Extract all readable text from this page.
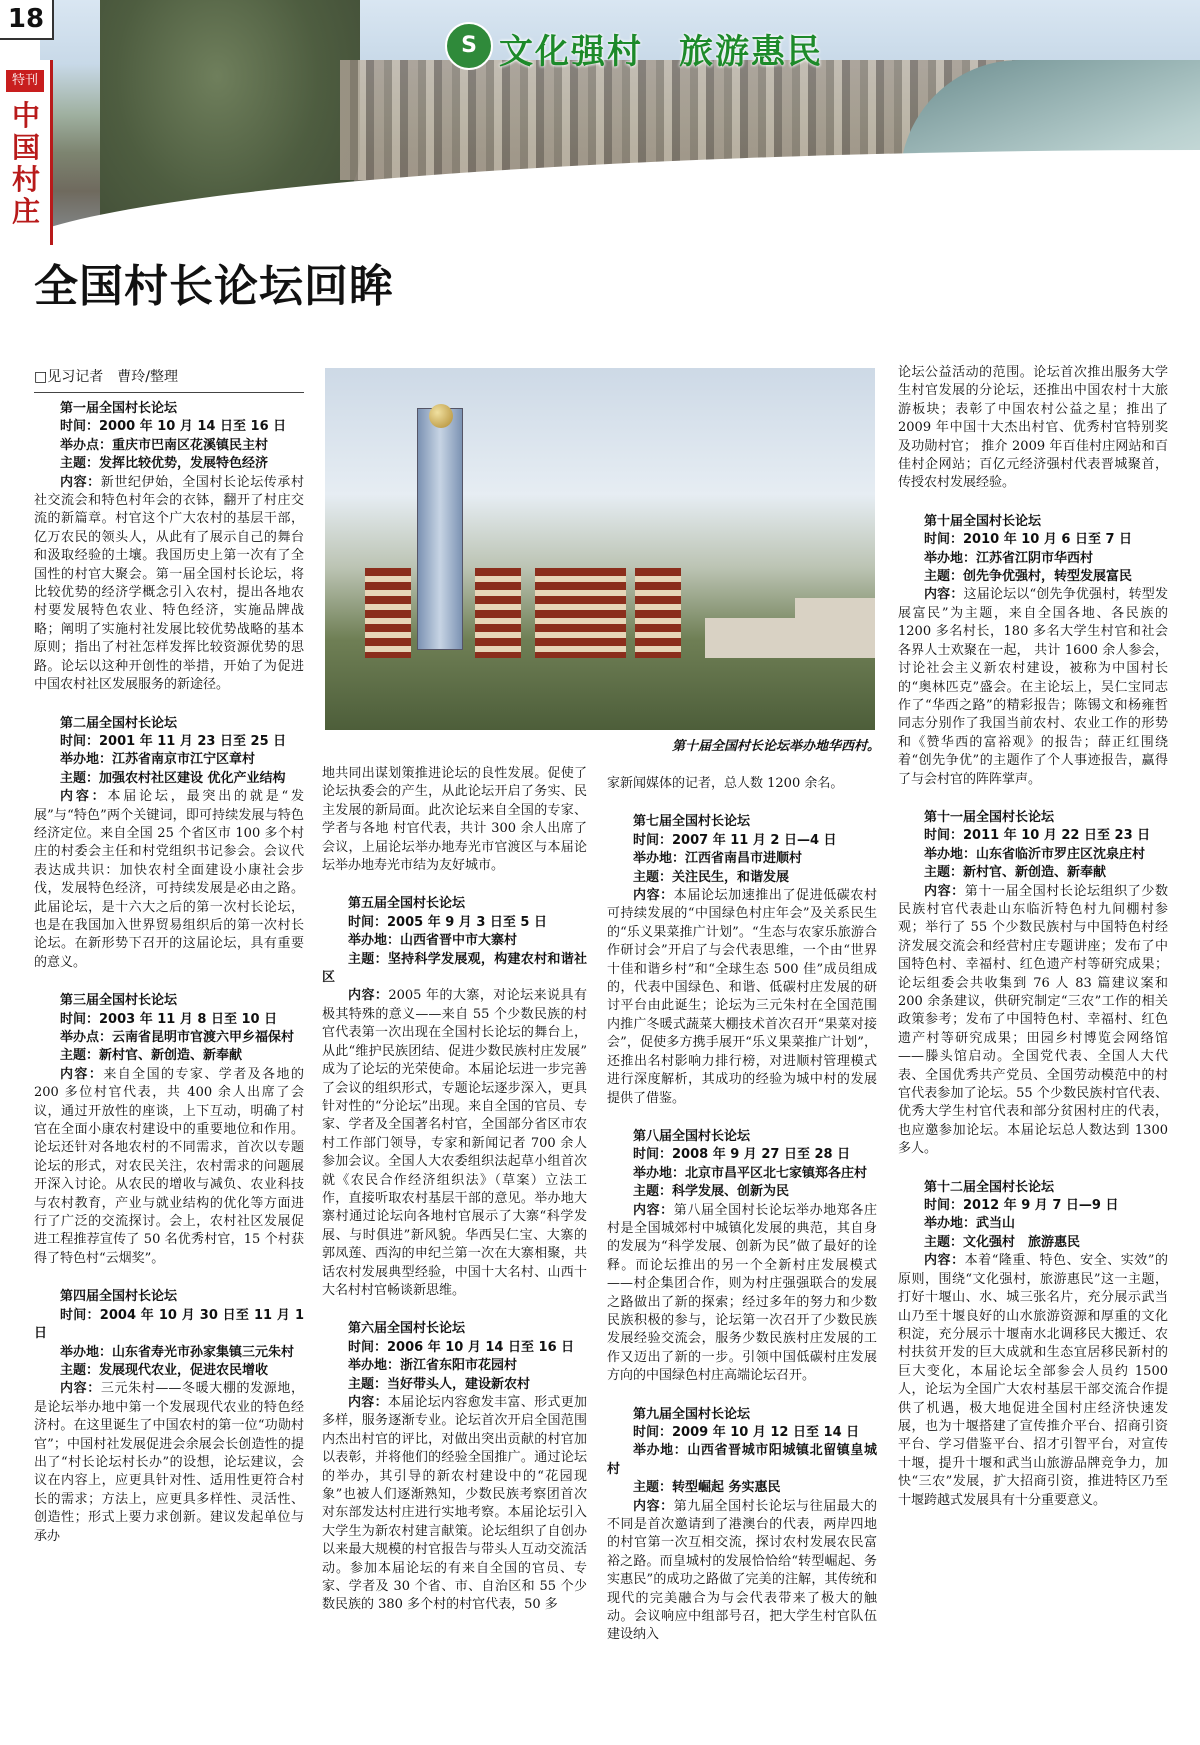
18
特刊
中
国
村
庄
S 文化强村　旅游惠民
全国村长论坛回眸
□见习记者　曹玲/整理
第十届全国村长论坛举办地华西村。
第一届全国村长论坛
时间：2000 年 10 月 14 日至 16 日
举办点：重庆市巴南区花溪镇民主村
主题：发挥比较优势，发展特色经济
内容：新世纪伊始，全国村长论坛传承村社交流会和特色村年会的衣钵，翻开了村庄交流的新篇章。村官这个广大农村的基层干部，亿万农民的领头人，从此有了展示自己的舞台和汲取经验的土壤。我国历史上第一次有了全国性的村官大聚会。第一届全国村长论坛，将比较优势的经济学概念引入农村，提出各地农村要发展特色农业、特色经济，实施品牌战略；阐明了实施村社发展比较优势战略的基本原则；指出了村社怎样发挥比较资源优势的思路。论坛以这种开创性的举措，开始了为促进中国农村社区发展服务的新途径。
第二届全国村长论坛
时间：2001 年 11 月 23 日至 25 日
举办地：江苏省南京市江宁区章村
主题：加强农村社区建设 优化产业结构
内容：本届论坛，最突出的就是“发展”与“特色”两个关键词，即可持续发展与特色经济定位。来自全国 25 个省区市 100 多个村庄的村委会主任和村党组织书记参会。会议代表达成共识：加快农村全面建设小康社会步伐，发展特色经济，可持续发展是必由之路。此届论坛，是十六大之后的第一次村长论坛，也是在我国加入世界贸易组织后的第一次村长论坛。在新形势下召开的这届论坛，具有重要的意义。
第三届全国村长论坛
时间：2003 年 11 月 8 日至 10 日
举办点：云南省昆明市官渡六甲乡福保村
主题：新村官、新创造、新奉献
内容：来自全国的专家、学者及各地的 200 多位村官代表，共 400 余人出席了会议，通过开放性的座谈，上下互动，明确了村官在全面小康农村建设中的重要地位和作用。论坛还针对各地农村的不同需求，首次以专题论坛的形式，对农民关注，农村需求的问题展开深入讨论。从农民的增收与减负、农业科技与农村教育，产业与就业结构的优化等方面进行了广泛的交流探讨。会上，农村社区发展促进工程推荐宣传了 50 名优秀村官，15 个村获得了特色村“云烟奖”。
第四届全国村长论坛
时间：2004 年 10 月 30 日至 11 月 1 日
举办地：山东省寿光市孙家集镇三元朱村
主题：发展现代农业，促进农民增收
内容：三元朱村——冬暖大棚的发源地，是论坛举办地中第一个发展现代农业的特色经济村。在这里诞生了中国农村的第一位“功勋村官”；中国村社发展促进会余展会长创造性的提出了“村长论坛村长办”的设想，论坛建议，会议在内容上，应更具针对性、适用性更符合村长的需求；方法上，应更具多样性、灵活性、创造性；形式上要力求创新。建议发起单位与承办
地共同出谋划策推进论坛的良性发展。促使了论坛执委会的产生，从此论坛开启了务实、民主发展的新局面。此次论坛来自全国的专家、学者与各地 村官代表，共计 300 余人出席了会议，上届论坛举办地寿光市官渡区与本届论坛举办地寿光市结为友好城市。
第五届全国村长论坛
时间：2005 年 9 月 3 日至 5 日
举办地：山西省晋中市大寨村
主题：坚持科学发展观，构建农村和谐社区
内容：2005 年的大寨，对论坛来说具有极其特殊的意义——来自 55 个少数民族的村官代表第一次出现在全国村长论坛的舞台上，从此“维护民族团结、促进少数民族村庄发展” 成为了论坛的光荣使命。本届论坛进一步完善了会议的组织形式，专题论坛逐步深入，更具针对性的“分论坛”出现。来自全国的官员、专家、学者及全国著名村官，全国部分省区市农村工作部门领导，专家和新闻记者 700 余人参加会议。全国人大农委组织法起草小组首次就《农民合作经济组织法》（草案）立法工作，直接听取农村基层干部的意见。举办地大寨村通过论坛向各地村官展示了大寨“科学发展、与时俱进”新风貌。华西吴仁宝、大寨的郭凤莲、西沟的申纪兰第一次在大寨相聚，共话农村发展典型经验，中国十大名村、山西十大名村村官畅谈新思维。
第六届全国村长论坛
时间：2006 年 10 月 14 日至 16 日
举办地：浙江省东阳市花园村
主题：当好带头人，建设新农村
内容：本届论坛内容愈发丰富、形式更加多样，服务逐渐专业。论坛首次开启全国范围内杰出村官的评比，对做出突出贡献的村官加以表彰，并将他们的经验全国推广。通过论坛的举办，其引导的新农村建设中的“花园现象”也被人们逐渐熟知，少数民族考察团首次对东部发达村庄进行实地考察。本届论坛引入大学生为新农村建言献策。论坛组织了自创办以来最大规模的村官报告与带头人互动交流活动。参加本届论坛的有来自全国的官员、专家、学者及 30 个省、市、自治区和 55 个少数民族的 380 多个村的村官代表，50 多
家新闻媒体的记者，总人数 1200 余名。
第七届全国村长论坛
时间：2007 年 11 月 2 日—4 日
举办地：江西省南昌市进顺村
主题：关注民生，和谐发展
内容：本届论坛加速推出了促进低碳农村可持续发展的“中国绿色村庄年会”及关系民生的“乐义果菜推广计划”。“生态与农家乐旅游合作研讨会”开启了与会代表思维，一个由“世界十佳和谐乡村”和“全球生态 500 佳”成员组成的，代表中国绿色、和谐、低碳村庄发展的研讨平台由此诞生；论坛为三元朱村在全国范围内推广冬暖式蔬菜大棚技术首次召开“果菜对接会”，促使多方携手展开“乐义果菜推广计划”，还推出名村影响力排行榜，对进顺村管理模式进行深度解析，其成功的经验为城中村的发展提供了借鉴。
第八届全国村长论坛
时间：2008 年 9 月 27 日至 28 日
举办地：北京市昌平区北七家镇郑各庄村
主题：科学发展、创新为民
内容：第八届全国村长论坛举办地郑各庄村是全国城郊村中城镇化发展的典范，其自身的发展为“科学发展、创新为民”做了最好的诠释。而论坛推出的另一个全新村庄发展模式——村企集团合作，则为村庄强强联合的发展之路做出了新的探索；经过多年的努力和少数民族积极的参与，论坛第一次召开了少数民族发展经验交流会，服务少数民族村庄发展的工作又迈出了新的一步。引领中国低碳村庄发展方向的中国绿色村庄高端论坛召开。
第九届全国村长论坛
时间：2009 年 10 月 12 日至 14 日
举办地：山西省晋城市阳城镇北留镇皇城村
主题：转型崛起 务实惠民
内容：第九届全国村长论坛与往届最大的不同是首次邀请到了港澳台的代表，两岸四地的村官第一次互相交流，探讨农村发展农民富裕之路。而皇城村的发展恰恰给“转型崛起、务实惠民”的成功之路做了完美的注解，其传统和现代的完美融合为与会代表带来了极大的触动。会议响应中组部号召，把大学生村官队伍建设纳入
论坛公益活动的范围。论坛首次推出服务大学生村官发展的分论坛，还推出中国农村十大旅游板块；表彰了中国农村公益之星；推出了 2009 年中国十大杰出村官、优秀村官特别奖及功勋村官； 推介 2009 年百佳村庄网站和百佳村企网站；百亿元经济强村代表晋城聚首，传授农村发展经验。
第十届全国村长论坛
时间：2010 年 10 月 6 日至 7 日
举办地：江苏省江阴市华西村
主题：创先争优强村，转型发展富民
内容：这届论坛以“创先争优强村，转型发展富民”为主题，来自全国各地、各民族的 1200 多名村长，180 多名大学生村官和社会各界人士欢聚在一起， 共计 1600 余人参会， 讨论社会主义新农村建设，被称为中国村长的“奥林匹克”盛会。在主论坛上，吴仁宝同志作了“华西之路”的精彩报告；陈锡文和杨雍哲同志分别作了我国当前农村、农业工作的形势和《赞华西的富裕观》的报告；薛正红围绕着“创先争优”的主题作了个人事迹报告，赢得了与会村官的阵阵掌声。
第十一届全国村长论坛
时间：2011 年 10 月 22 日至 23 日
举办地：山东省临沂市罗庄区沈泉庄村
主题：新村官、新创造、新奉献
内容：第十一届全国村长论坛组织了少数民族村官代表赴山东临沂特色村九间棚村参观；举行了 55 个少数民族村与中国特色村经济发展交流会和经营村庄专题讲座；发布了中国特色村、幸福村、红色遗产村等研究成果；论坛组委会共收集到 76 人 83 篇建议案和 200 余条建议，供研究制定“三农”工作的相关政策参考；发布了中国特色村、幸福村、红色遗产村等研究成果；田园乡村博览会网络馆——滕头馆启动。全国党代表、全国人大代表、全国优秀共产党员、全国劳动模范中的村官代表参加了论坛。55 个少数民族村官代表、优秀大学生村官代表和部分贫困村庄的代表，也应邀参加论坛。本届论坛总人数达到 1300 多人。
第十二届全国村长论坛
时间：2012 年 9 月 7 日—9 日
举办地：武当山
主题：文化强村　旅游惠民
内容：本着“隆重、特色、安全、实效”的原则，围绕“文化强村，旅游惠民”这一主题，打好十堰山、水、城三张名片，充分展示武当山乃至十堰良好的山水旅游资源和厚重的文化积淀，充分展示十堰南水北调移民大搬迁、农村扶贫开发的巨大成就和生态宜居移民新村的巨大变化，本届论坛全部参会人员约 1500 人，论坛为全国广大农村基层干部交流合作提供了机遇，极大地促进全国村庄经济快速发展，也为十堰搭建了宣传推介平台、招商引资平台、学习借鉴平台、招才引智平台，对宣传十堰，提升十堰和武当山旅游品牌竞争力，加快“三农”发展，扩大招商引资，推进特区乃至十堰跨越式发展具有十分重要意义。
